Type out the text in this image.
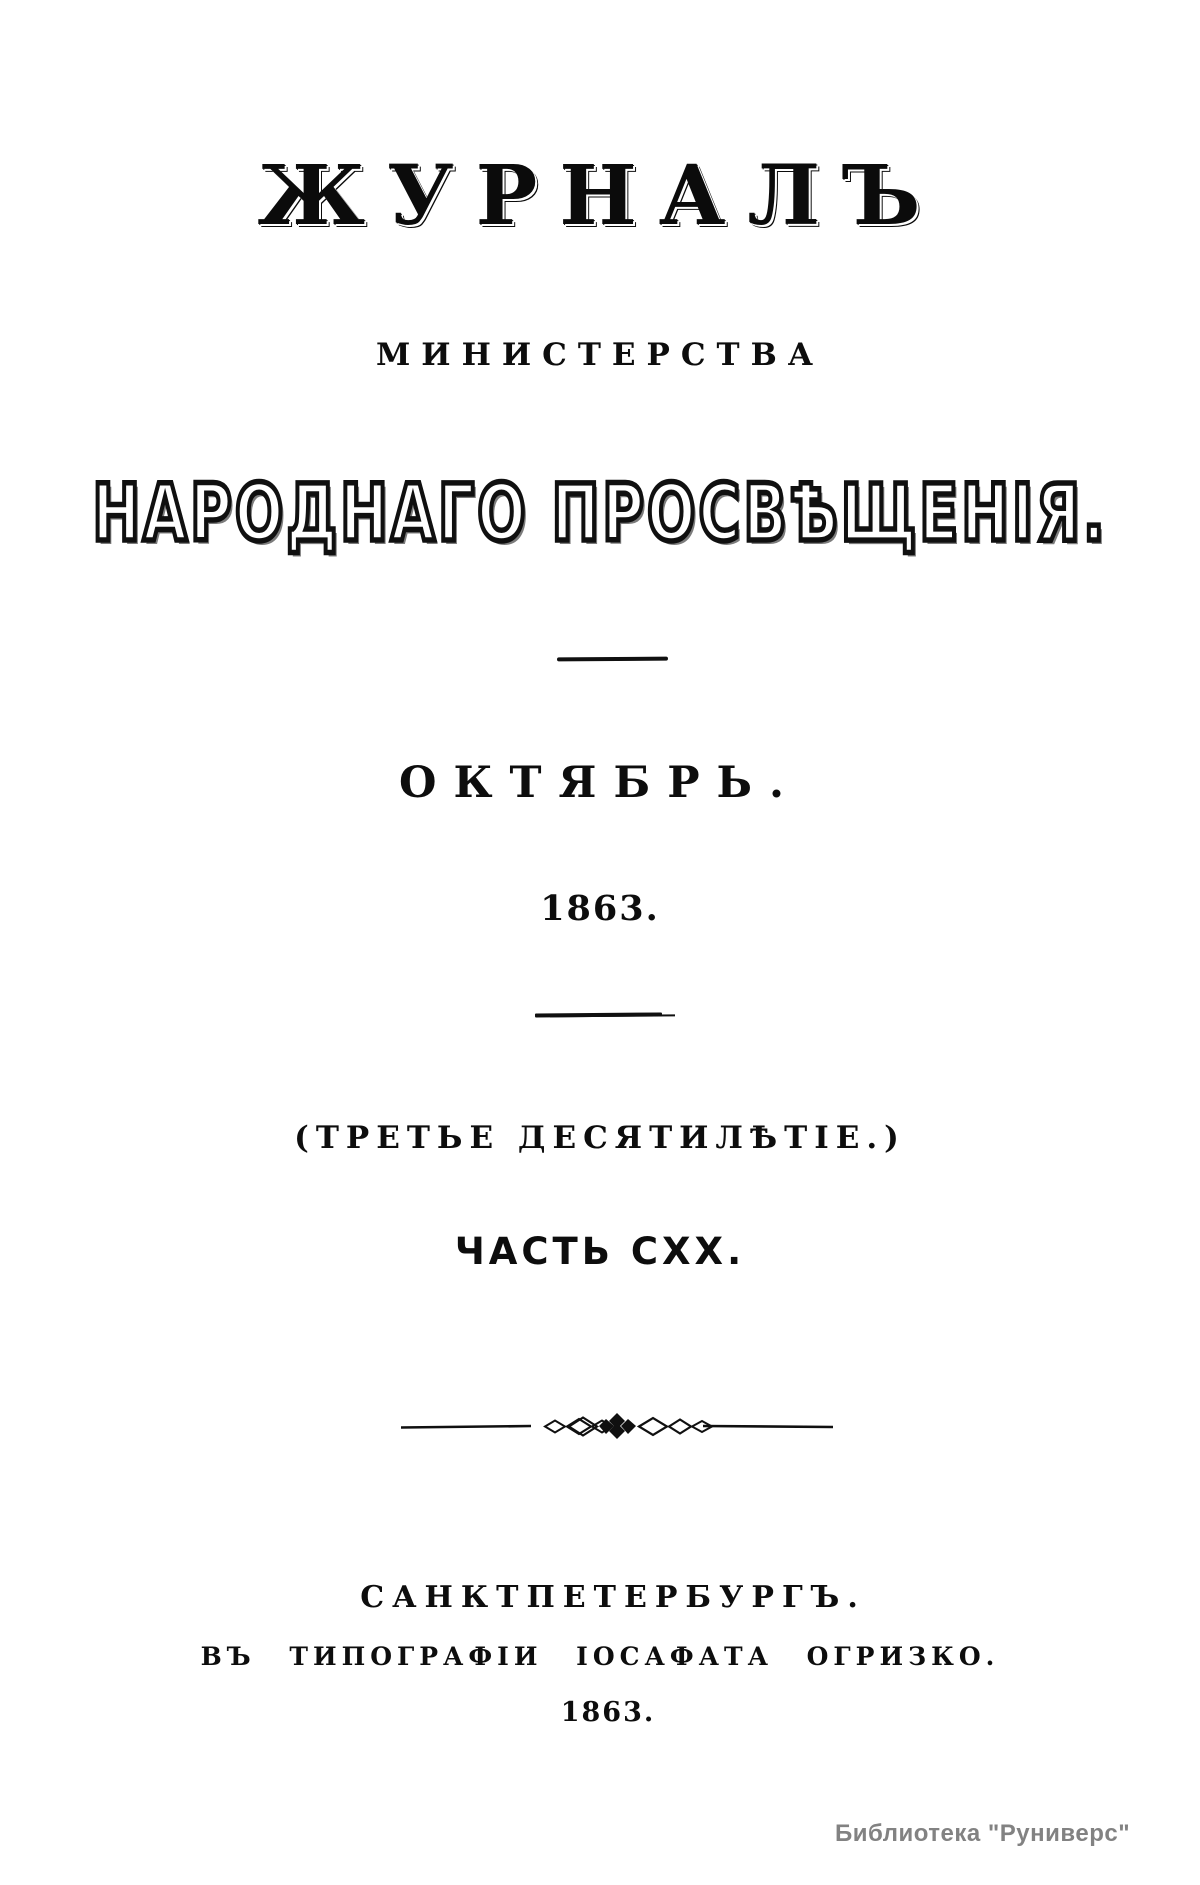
ЖУРНАЛЪ
МИНИСТЕРСТВА
НАРОДНАГО ПРОСВѢЩЕНІЯ.
ОКТЯБРЬ.
1863.
(ТРЕТЬЕ ДЕСЯТИЛѢТІЕ.)
ЧАСТЬ CXX.
САНКТПЕТЕРБУРГЪ.
ВЪ ТИПОГРАФІИ ІОСАФАТА ОГРИЗКО.
1863.
Библиотека "Руниверс"
